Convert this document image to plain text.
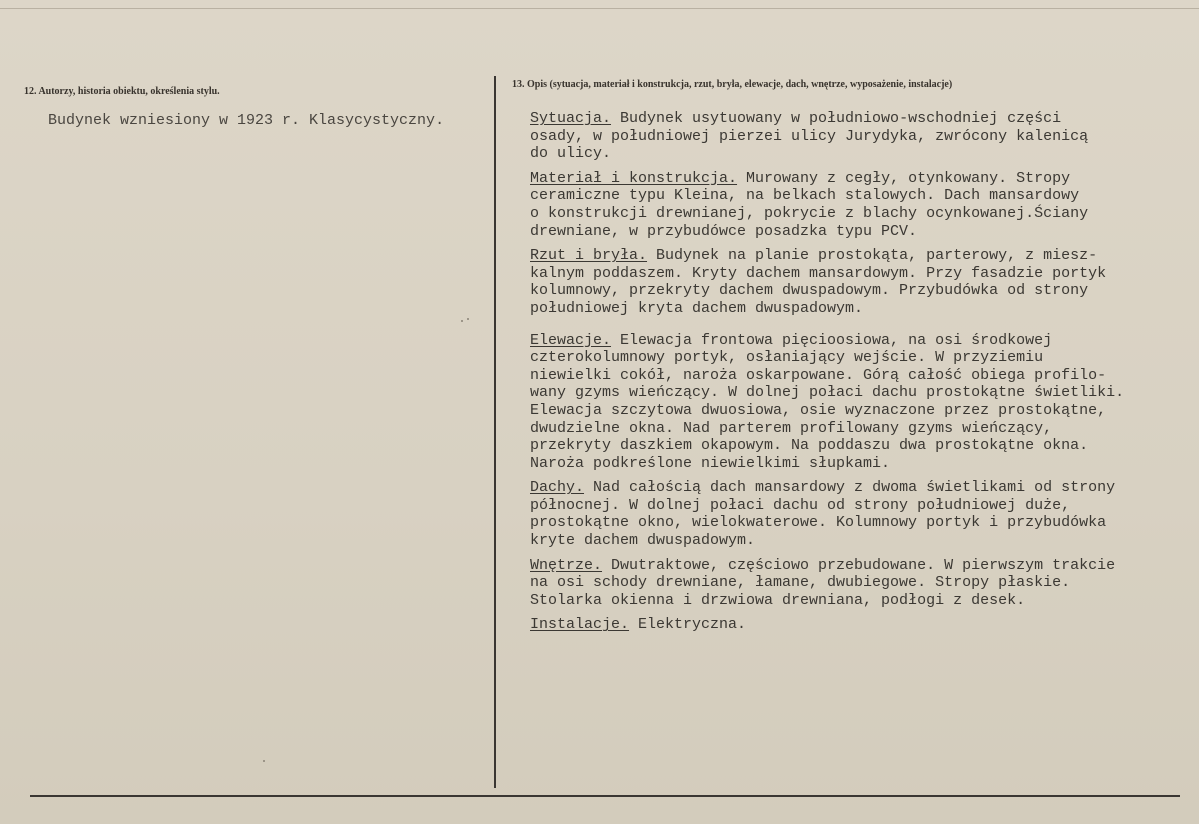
12. Autorzy, historia obiektu, określenia stylu.
13. Opis (sytuacja, materiał i konstrukcja, rzut, bryła, elewacje, dach, wnętrze, wyposażenie, instalacje)
Budynek wzniesiony w 1923 r. Klasycystyczny.	Sytuacja. Budynek usytuowany w południowo-wschodniej części
osady, w południowej pierzei ulicy Jurydyka, zwrócony kalenicą
do ulicy.
Materiał i konstrukcja. Murowany z cegły, otynkowany. Stropy
ceramiczne typu Kleina, na belkach stalowych. Dach mansardowy
o konstrukcji drewnianej, pokrycie z blachy ocynkowanej.Ściany
drewniane, w przybudówce posadzka typu PCV.
Rzut i bryła. Budynek na planie prostokąta, parterowy, z miesz-
kalnym poddaszem. Kryty dachem mansardowym. Przy fasadzie portyk
kolumnowy, przekryty dachem dwuspadowym. Przybudówka od strony
południowej kryta dachem dwuspadowym.
Elewacje. Elewacja frontowa pięcioosiowa, na osi środkowej
czterokolumnowy portyk, osłaniający wejście. W przyziemiu
niewielki cokół, naroża oskarpowane. Górą całość obiega profilo-
wany gzyms wieńczący. W dolnej połaci dachu prostokątne świetliki.
Elewacja szczytowa dwuosiowa, osie wyznaczone przez prostokątne,
dwudzielne okna. Nad parterem profilowany gzyms wieńczący,
przekryty daszkiem okapowym. Na poddaszu dwa prostokątne okna.
Naroża podkreślone niewielkimi słupkami.
Dachy. Nad całością dach mansardowy z dwoma świetlikami od strony
północnej. W dolnej połaci dachu od strony południowej duże,
prostokątne okno, wielokwaterowe. Kolumnowy portyk i przybudówka
kryte dachem dwuspadowym.
Wnętrze. Dwutraktowe, częściowo przebudowane. W pierwszym trakcie
na osi schody drewniane, łamane, dwubiegowe. Stropy płaskie.
Stolarka okienna i drzwiowa drewniana, podłogi z desek.
Instalacje. Elektryczna.
